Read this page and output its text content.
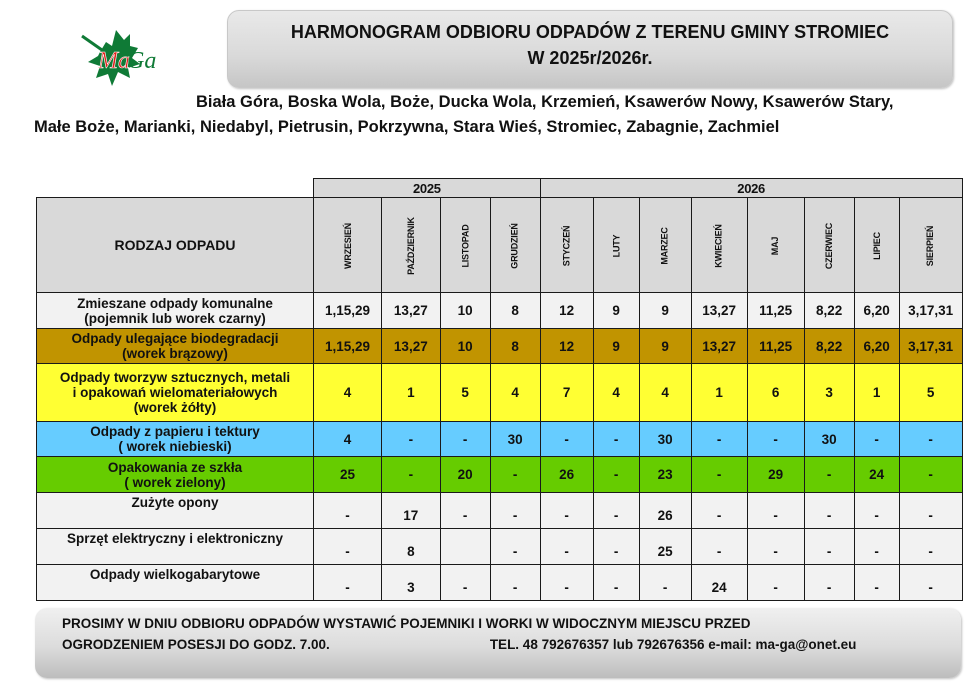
Ma
Ga
HARMONOGRAM ODBIORU ODPADÓW Z TERENU GMINY STROMIEC
W 2025r/2026r.
Biała Góra, Boska Wola, Boże, Ducka Wola, Krzemień, Ksawerów Nowy, Ksawerów Stary, Małe Boże, Marianki, Niedabyl, Pietrusin, Pokrzywna, Stara Wieś, Stromiec, Zabagnie, Zachmiel
	2025				2026							
RODZAJ ODPADU	WRZESIEŃ	PAŹDZIERNIK	LISTOPAD	GRUDZIEŃ	STYCZEŃ	LUTY	MARZEC	KWIECIEŃ	MAJ	CZERWIEC	LIPIEC	SIERPIEŃ

Zmieszane odpady komunalne
(pojemnik lub worek czarny)	1,15,29	13,27	10	8	12	9	9	13,27	11,25	8,22	6,20	3,17,31

Odpady ulegające biodegradacji
(worek brązowy)	1,15,29	13,27	10	8	12	9	9	13,27	11,25	8,22	6,20	3,17,31

Odpady tworzyw sztucznych, metali
i opakowań wielomateriałowych
(worek żółty)	4	1	5	4	7	4	4	1	6	3	1	5

Odpady z papieru i tektury
( worek niebieski)	4	-	-	30	-	-	30	-	-	30	-	-

Opakowania ze szkła
( worek zielony)	25	-	20	-	26	-	23	-	29	-	24	-

Zużyte opony	-	17	-	-	-	-	26	-	-	-	-	-

Sprzęt elektryczny i elektroniczny	-	8		-	-	-	25	-	-	-	-	-

Odpady wielkogabarytowe	-	3	-	-	-	-	-	24	-	-	-	-
PROSIMY W DNIU ODBIORU ODPADÓW WYSTAWIĆ POJEMNIKI I WORKI W WIDOCZNYM MIEJSCU PRZED
OGRODZENIEM POSESJI DO GODZ. 7.00.	TEL. 48 792676357 lub 792676356 e-mail: ma-ga@onet.eu
